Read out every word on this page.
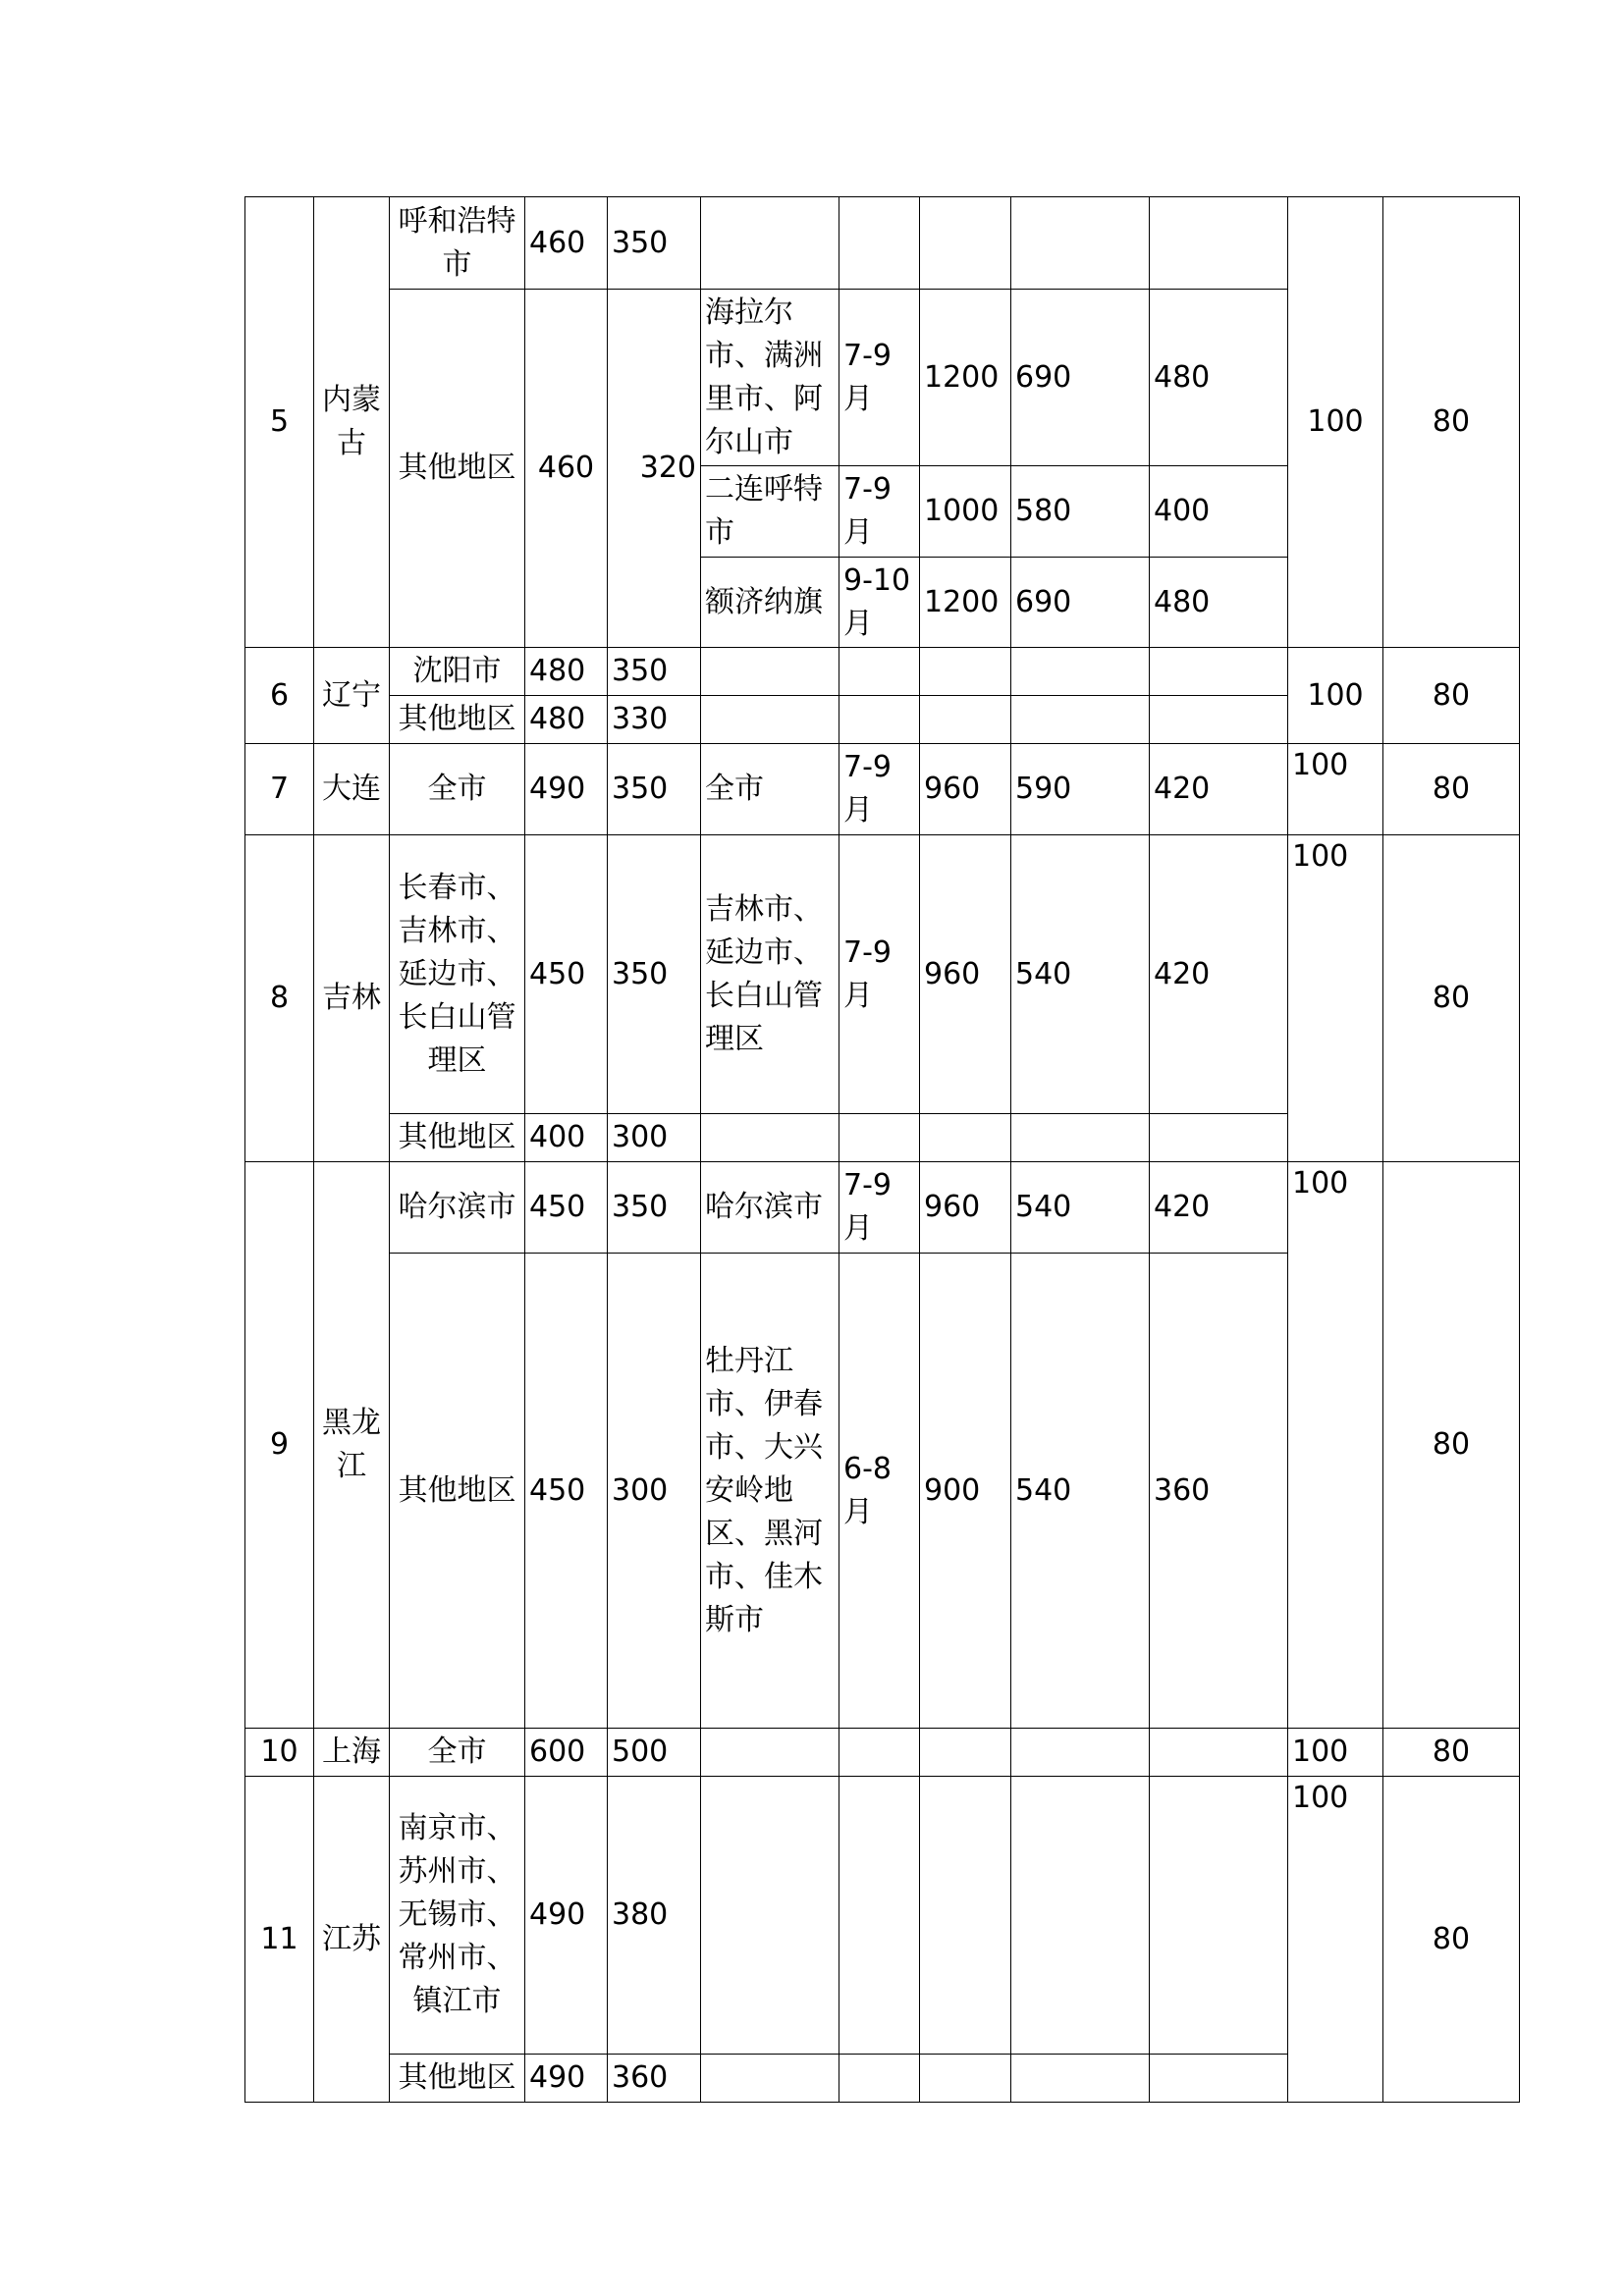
5	内蒙古	呼和浩特市	460	350						100	80
		其他地区	460	320	海拉尔市、满洲里市、阿尔山市	7-9月	1200	690	480		
					二连呼特市	7-9月	1000	580	400		
					额济纳旗	9-10月	1200	690	480		
6	辽宁	沈阳市	480	350						100	80
		其他地区	480	330							
7	大连	全市	490	350	全市	7-9月	960	590	420	100	80
8	吉林	长春市、吉林市、延边市、长白山管理区	450	350	吉林市、延边市、长白山管理区	7-9月	960	540	420	100	80
		其他地区	400	300							
9	黑龙江	哈尔滨市	450	350	哈尔滨市	7-9月	960	540	420	100	80
		其他地区	450	300	牡丹江市、伊春市、大兴安岭地区、黑河市、佳木斯市	6-8月	900	540	360		
10	上海	全市	600	500						100	80
11	江苏	南京市、苏州市、无锡市、常州市、镇江市	490	380						100	80
		其他地区	490	360							
